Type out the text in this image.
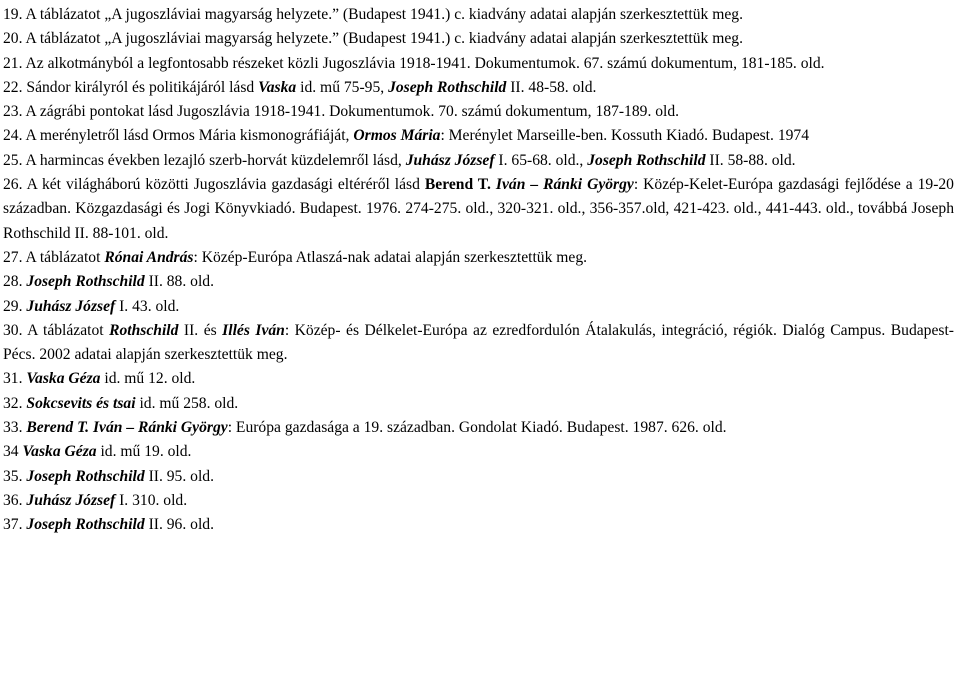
19. A táblázatot „A jugoszláviai magyarság helyzete.” (Budapest 1941.) c. kiadvány adatai alapján szerkesztettük meg.

20. A táblázatot „A jugoszláviai magyarság helyzete.” (Budapest 1941.) c. kiadvány adatai alapján szerkesztettük meg.

21. Az alkotmányból a legfontosabb részeket közli Jugoszlávia 1918-1941. Dokumentumok. 67. számú dokumentum, 181-185. old.

22. Sándor királyról és politikájáról lásd Vaska id. mű 75-95, Joseph Rothschild II. 48-58. old.

23. A zágrábi pontokat lásd Jugoszlávia 1918-1941. Dokumentumok. 70. számú dokumentum, 187-189. old.

24. A merényletről lásd Ormos Mária kismonográfiáját, Ormos Mária: Merénylet Marseille-ben. Kossuth Kiadó. Budapest. 1974

25. A harmincas években lezajló szerb-horvát küzdelemről lásd, Juhász József I. 65-68. old., Joseph Rothschild II. 58-88. old.

26. A két világháború közötti Jugoszlávia gazdasági eltéréről lásd Berend T. Iván – Ránki György: Közép-Kelet-Európa gazdasági fejlődése a 19-20 században. Közgazdasági és Jogi Könyvkiadó. Budapest. 1976. 274-275. old., 320-321. old., 356-357.old, 421-423. old., 441-443. old., továbbá Joseph Rothschild II. 88-101. old.

27. A táblázatot Rónai András: Közép-Európa Atlaszá-nak adatai alapján szerkesztettük meg.

28. Joseph Rothschild II. 88. old.

29. Juhász József I. 43. old.

30. A táblázatot Rothschild II. és Illés Iván: Közép- és Délkelet-Európa az ezredfordulón Átalakulás, integráció, régiók. Dialóg Campus. Budapest-Pécs. 2002 adatai alapján szerkesztettük meg.

31. Vaska Géza id. mű 12. old.

32. Sokcsevits és tsai id. mű 258. old.

33. Berend T. Iván – Ránki György: Európa gazdasága a 19. században. Gondolat Kiadó. Budapest. 1987. 626. old.

34 Vaska Géza id. mű 19. old.

35. Joseph Rothschild II. 95. old.

36. Juhász József I. 310. old.

37. Joseph Rothschild II. 96. old.
